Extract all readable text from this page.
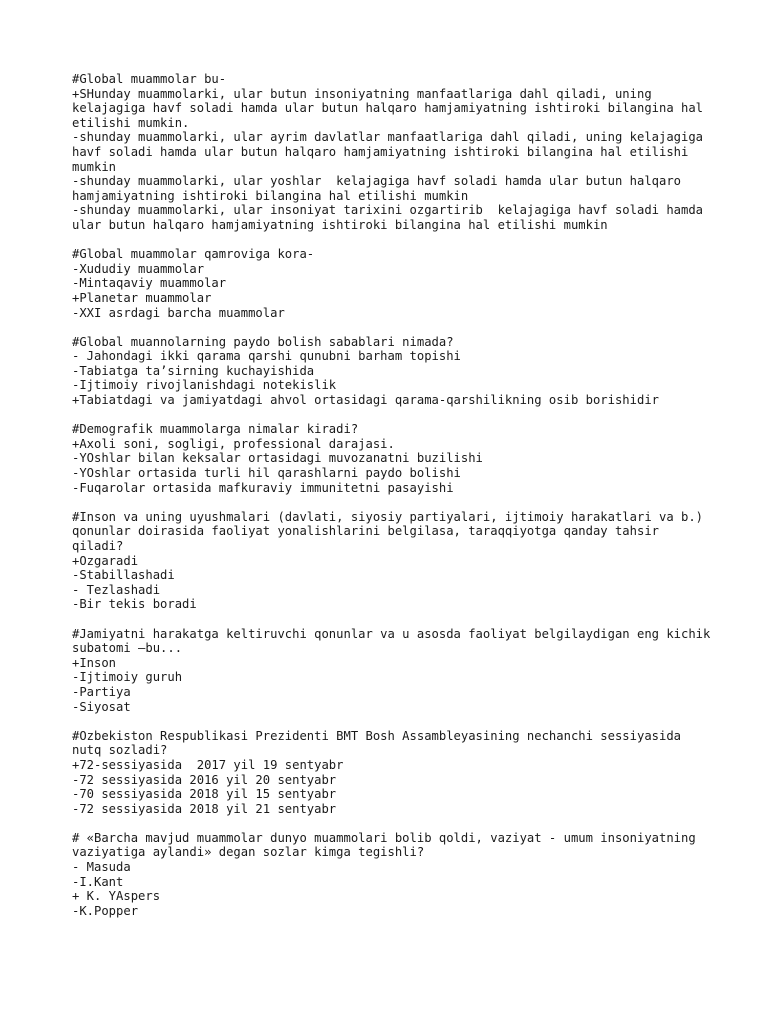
#Global muammolar bu-

+SHunday muammolarki, ular butun insoniyatning manfaatlariga dahl qiladi, uning kelajagiga havf soladi hamda ular butun halqaro hamjamiyatning ishtiroki bilangina hal etilishi mumkin.

-shunday muammolarki, ular ayrim davlatlar manfaatlariga dahl qiladi, uning kelajagiga havf soladi hamda ular butun halqaro hamjamiyatning ishtiroki bilangina hal etilishi mumkin

-shunday muammolarki, ular yoshlar  kelajagiga havf soladi hamda ular butun halqaro hamjamiyatning ishtiroki bilangina hal etilishi mumkin

-shunday muammolarki, ular insoniyat tarixini ozgartirib  kelajagiga havf soladi hamda ular butun halqaro hamjamiyatning ishtiroki bilangina hal etilishi mumkin

#Global muammolar qamroviga kora-

-Xududiy muammolar

-Mintaqaviy muammolar

+Planetar muammolar

-XXI asrdagi barcha muammolar

#Global muannolarning paydo bolish sabablari nimada?

- Jahondagi ikki qarama qarshi qunubni barham topishi

-Tabiatga ta’sirning kuchayishida

-Ijtimoiy rivojlanishdagi notekislik

+Tabiatdagi va jamiyatdagi ahvol ortasidagi qarama-qarshilikning osib borishidir

#Demografik muammolarga nimalar kiradi?

+Axoli soni, sogligi, professional darajasi.

-YOshlar bilan keksalar ortasidagi muvozanatni buzilishi

-YOshlar ortasida turli hil qarashlarni paydo bolishi

-Fuqarolar ortasida mafkuraviy immunitetni pasayishi

#Inson va uning uyushmalari (davlati, siyosiy partiyalari, ijtimoiy harakatlari va b.) qonunlar doirasida faoliyat yonalishlarini belgilasa, taraqqiyotga qanday tahsir qiladi?

+Ozgaradi

-Stabillashadi

- Tezlashadi

-Bir tekis boradi

#Jamiyatni harakatga keltiruvchi qonunlar va u asosda faoliyat belgilaydigan eng kichik subatomi –bu...

+Inson

-Ijtimoiy guruh

-Partiya

-Siyosat

#Ozbekiston Respublikasi Prezidenti BMT Bosh Assambleyasining nechanchi sessiyasida nutq sozladi?

+72-sessiyasida  2017 yil 19 sentyabr

-72 sessiyasida 2016 yil 20 sentyabr

-70 sessiyasida 2018 yil 15 sentyabr

-72 sessiyasida 2018 yil 21 sentyabr

# «Barcha mavjud muammolar dunyo muammolari bolib qoldi, vaziyat - umum insoniyatning vaziyatiga aylandi» degan sozlar kimga tegishli?

- Masuda

-I.Kant

+ K. YAspers

-K.Popper
